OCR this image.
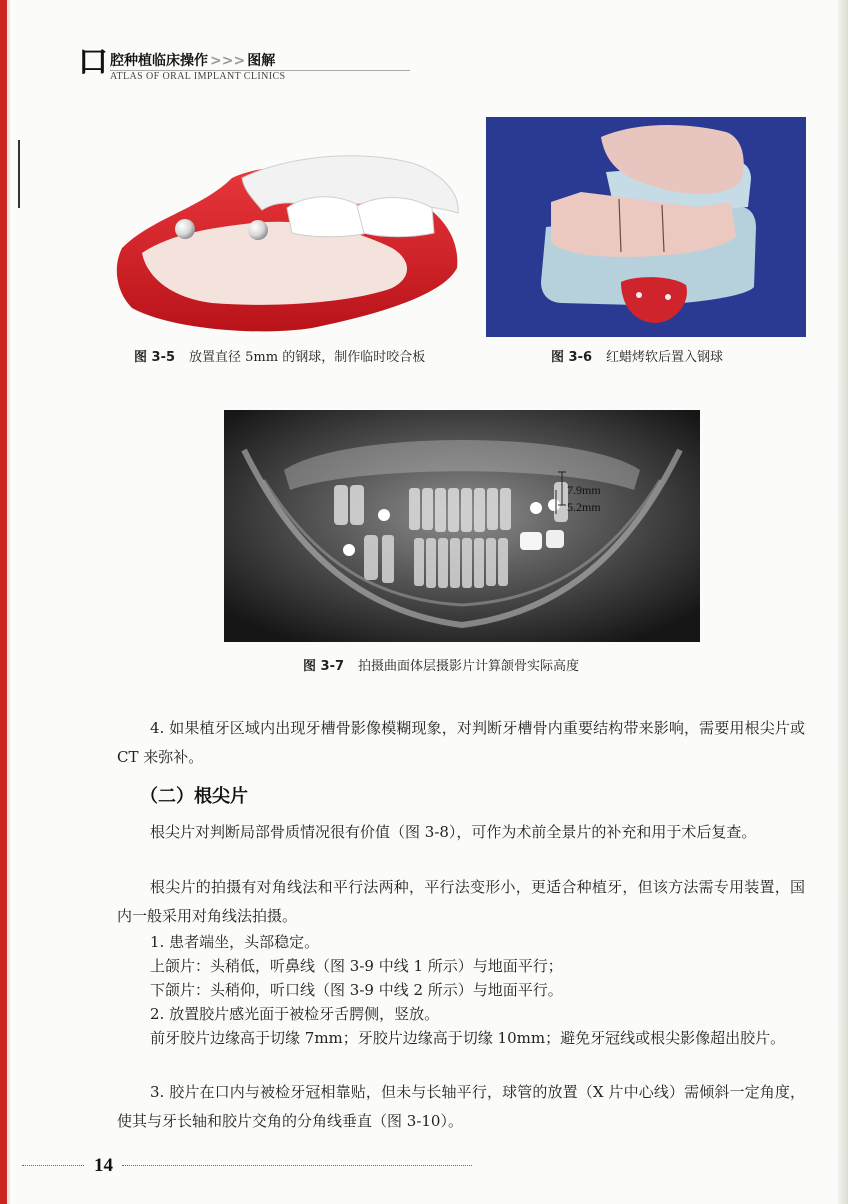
口 腔种植临床操作 >>> 图解
ATLAS OF ORAL IMPLANT CLINICS
图 3-5 放置直径 5mm 的钢球，制作临时咬合板	图 3-6 红蜡烤软后置入钢球
7.9mm
5.2mm
图 3-7 拍摄曲面体层摄影片计算颌骨实际高度
4. 如果植牙区域内出现牙槽骨影像模糊现象，对判断牙槽骨内重要结构带来影响，需要用根尖片或 CT 来弥补。
（二）根尖片
根尖片对判断局部骨质情况很有价值（图 3-8），可作为术前全景片的补充和用于术后复查。
根尖片的拍摄有对角线法和平行法两种，平行法变形小，更适合种植牙，但该方法需专用装置，国内一般采用对角线法拍摄。
1. 患者端坐，头部稳定。
上颌片：头稍低，听鼻线（图 3-9 中线 1 所示）与地面平行；
下颌片：头稍仰，听口线（图 3-9 中线 2 所示）与地面平行。
2. 放置胶片感光面于被检牙舌腭侧，竖放。
前牙胶片边缘高于切缘 7mm；牙胶片边缘高于切缘 10mm；避免牙冠线或根尖影像超出胶片。
3. 胶片在口内与被检牙冠相靠贴，但未与长轴平行，球管的放置（X 片中心线）需倾斜一定角度，使其与牙长轴和胶片交角的分角线垂直（图 3-10）。
14
